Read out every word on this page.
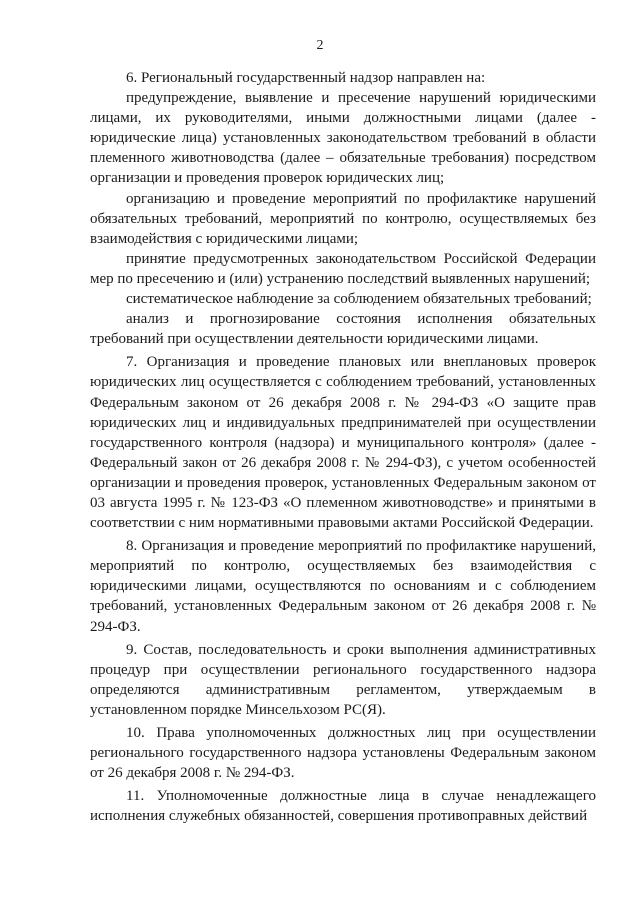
2

6. Региональный государственный надзор направлен на:

предупреждение, выявление и пресечение нарушений юридическими лицами, их руководителями, иными должностными лицами (далее - юридические лица) установленных законодательством требований в области племенного животноводства (далее – обязательные требования) посредством организации и проведения проверок юридических лиц;

организацию и проведение мероприятий по профилактике нарушений обязательных требований, мероприятий по контролю, осуществляемых без взаимодействия с юридическими лицами;

принятие предусмотренных законодательством Российской Федерации мер по пресечению и (или) устранению последствий выявленных нарушений;

систематическое наблюдение за соблюдением обязательных требований;

анализ и прогнозирование состояния исполнения обязательных требований при осуществлении деятельности юридическими лицами.

7. Организация и проведение плановых или внеплановых проверок юридических лиц осуществляется с соблюдением требований, установленных Федеральным законом от 26 декабря 2008 г. № 294-ФЗ «О защите прав юридических лиц и индивидуальных предпринимателей при осуществлении государственного контроля (надзора) и муниципального контроля» (далее - Федеральный закон от 26 декабря 2008 г. № 294-ФЗ), с учетом особенностей организации и проведения проверок, установленных Федеральным законом от 03 августа 1995 г. № 123-ФЗ «О племенном животноводстве» и принятыми в соответствии с ним нормативными правовыми актами Российской Федерации.

8. Организация и проведение мероприятий по профилактике нарушений, мероприятий по контролю, осуществляемых без взаимодействия с юридическими лицами, осуществляются по основаниям и с соблюдением требований, установленных Федеральным законом от 26 декабря 2008 г. № 294-ФЗ.

9. Состав, последовательность и сроки выполнения административных процедур при осуществлении регионального государственного надзора определяются административным регламентом, утверждаемым в установленном порядке Минсельхозом РС(Я).

10. Права уполномоченных должностных лиц при осуществлении регионального государственного надзора установлены Федеральным законом от 26 декабря 2008 г. № 294-ФЗ.

11. Уполномоченные должностные лица в случае ненадлежащего исполнения служебных обязанностей, совершения противоправных действий
